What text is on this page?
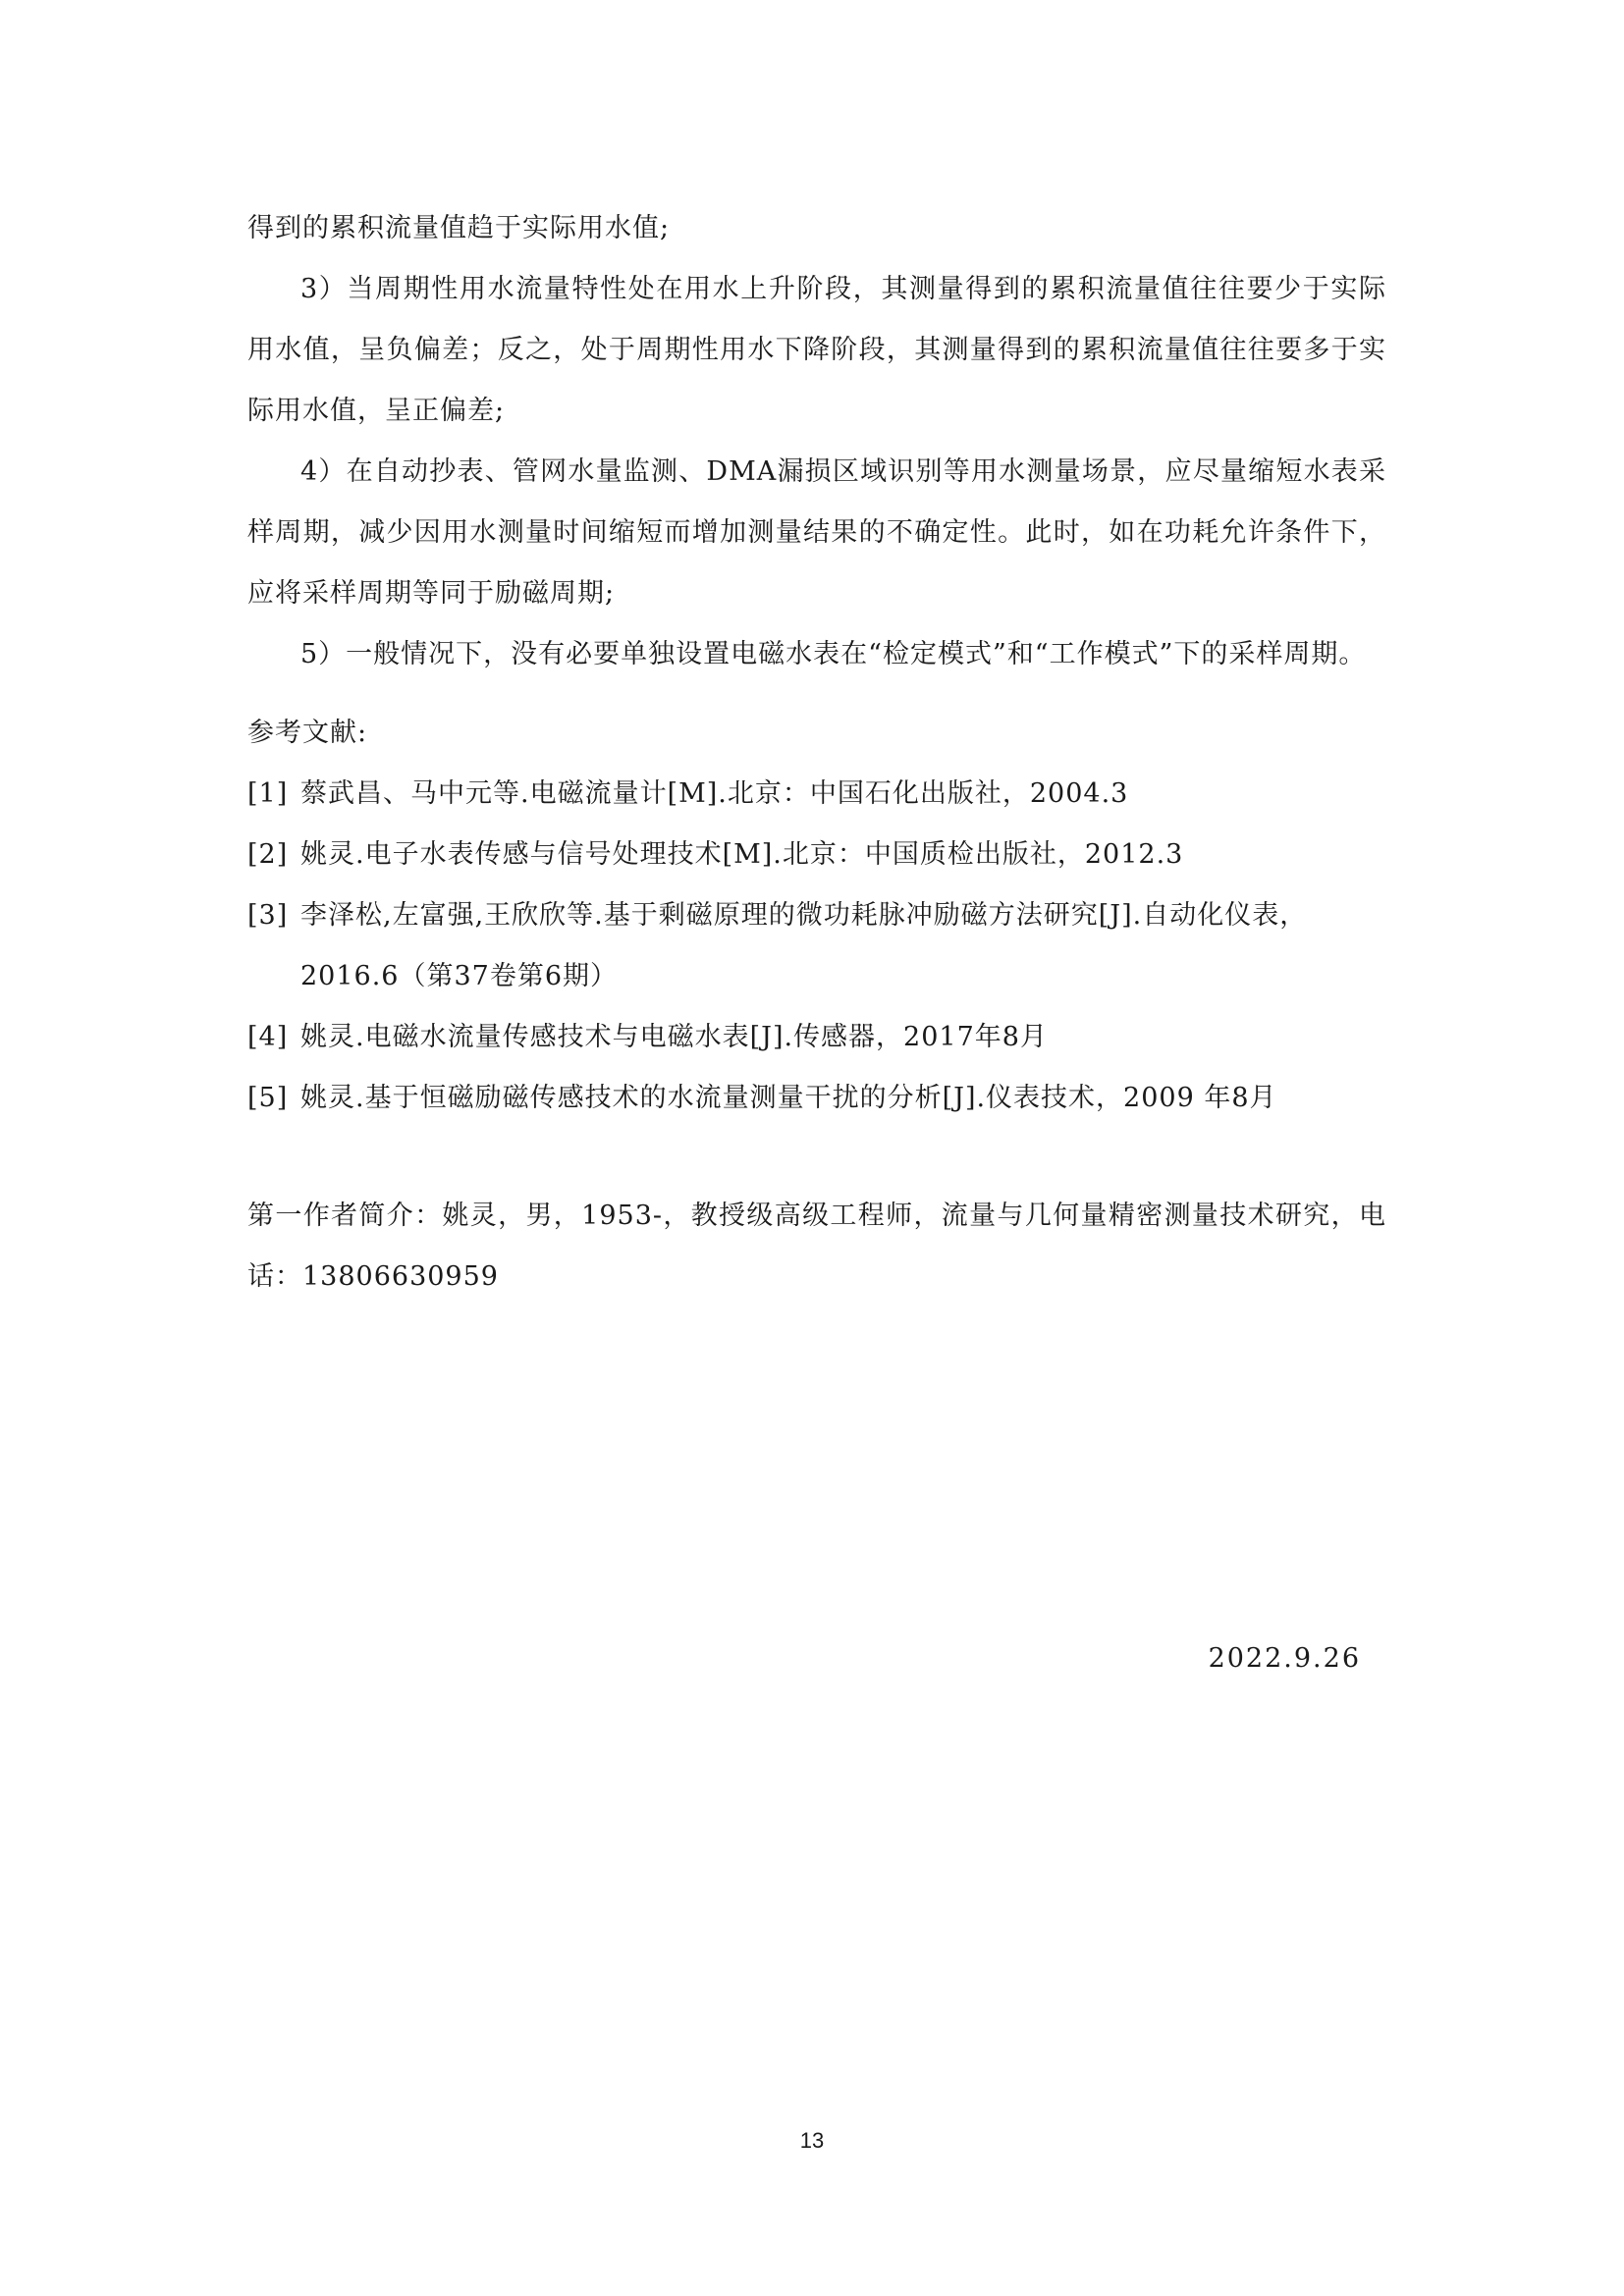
得到的累积流量值趋于实际用水值;

3）当周期性用水流量特性处在用水上升阶段，其测量得到的累积流量值往往要少于实际用水值，呈负偏差；反之，处于周期性用水下降阶段，其测量得到的累积流量值往往要多于实际用水值，呈正偏差;

4）在自动抄表、管网水量监测、DMA漏损区域识别等用水测量场景，应尽量缩短水表采样周期，减少因用水测量时间缩短而增加测量结果的不确定性。此时，如在功耗允许条件下，应将采样周期等同于励磁周期;

5）一般情况下，没有必要单独设置电磁水表在“检定模式”和“工作模式”下的采样周期。

参考文献:

[1] 蔡武昌、马中元等.电磁流量计[M].北京：中国石化出版社，2004.3

[2] 姚灵.电子水表传感与信号处理技术[M].北京：中国质检出版社，2012.3

[3] 李泽松,左富强,王欣欣等.基于剩磁原理的微功耗脉冲励磁方法研究[J].自动化仪表，2016.6（第37卷第6期）

[4] 姚灵.电磁水流量传感技术与电磁水表[J].传感器，2017年8月

[5] 姚灵.基于恒磁励磁传感技术的水流量测量干扰的分析[J].仪表技术，2009 年8月

第一作者简介：姚灵，男，1953-，教授级高级工程师，流量与几何量精密测量技术研究，电话：13806630959

2022.9.26
13
